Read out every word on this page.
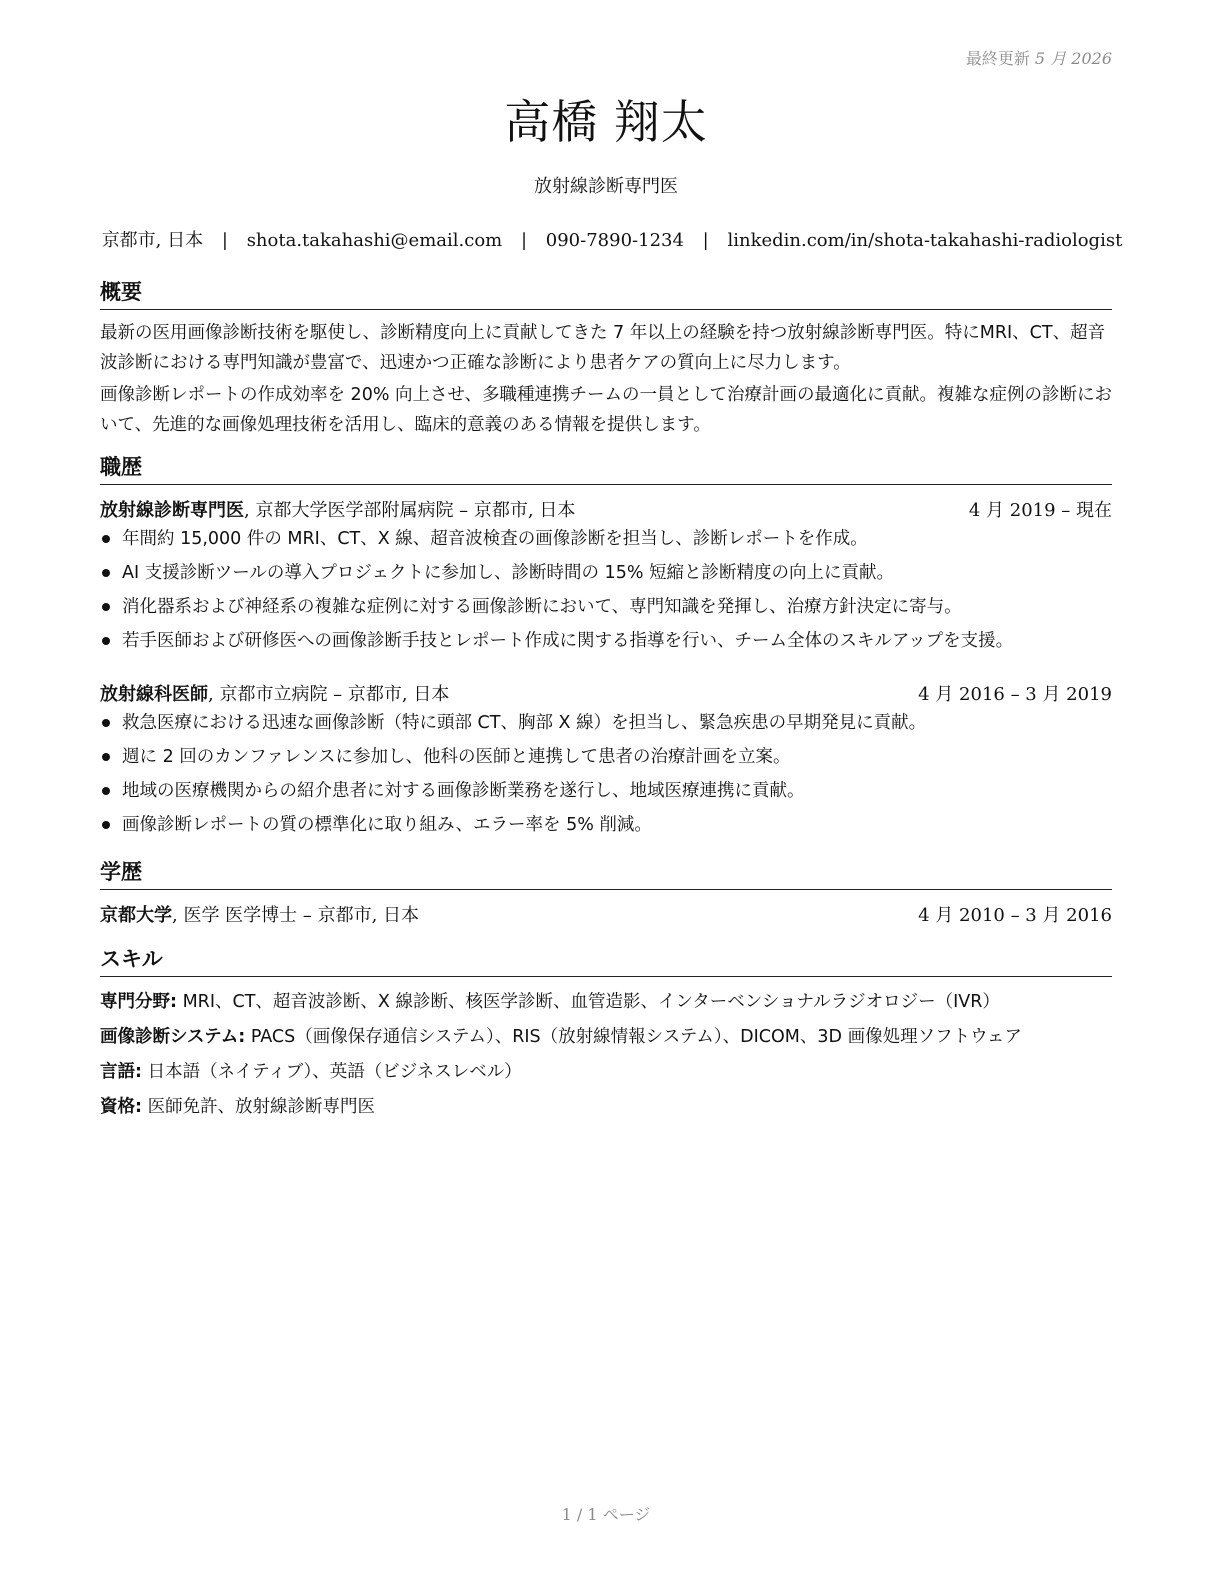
最終更新 5 月 2026
高橋 翔太
放射線診断専門医
京都市, 日本 | shota.takahashi@email.com | 090-7890-1234 | linkedin.com/in/shota-takahashi-radiologist
概要
最新の医用画像診断技術を駆使し、診断精度向上に貢献してきた 7 年以上の経験を持つ放射線診断専門医。特にMRI、CT、超音波診断における専門知識が豊富で、迅速かつ正確な診断により患者ケアの質向上に尽力します。
画像診断レポートの作成効率を 20% 向上させ、多職種連携チームの一員として治療計画の最適化に貢献。複雑な症例の診断において、先進的な画像処理技術を活用し、臨床的意義のある情報を提供します。
職歴
放射線診断専門医, 京都大学医学部附属病院 – 京都市, 日本	4 月 2019 – 現在
年間約 15,000 件の MRI、CT、X 線、超音波検査の画像診断を担当し、診断レポートを作成。
AI 支援診断ツールの導入プロジェクトに参加し、診断時間の 15% 短縮と診断精度の向上に貢献。
消化器系および神経系の複雑な症例に対する画像診断において、専門知識を発揮し、治療方針決定に寄与。
若手医師および研修医への画像診断手技とレポート作成に関する指導を行い、チーム全体のスキルアップを支援。
放射線科医師, 京都市立病院 – 京都市, 日本	4 月 2016 – 3 月 2019
救急医療における迅速な画像診断（特に頭部 CT、胸部 X 線）を担当し、緊急疾患の早期発見に貢献。
週に 2 回のカンファレンスに参加し、他科の医師と連携して患者の治療計画を立案。
地域の医療機関からの紹介患者に対する画像診断業務を遂行し、地域医療連携に貢献。
画像診断レポートの質の標準化に取り組み、エラー率を 5% 削減。
学歴
京都大学, 医学 医学博士 – 京都市, 日本	4 月 2010 – 3 月 2016
スキル
専門分野: MRI、CT、超音波診断、X 線診断、核医学診断、血管造影、インターベンショナルラジオロジー（IVR）
画像診断システム: PACS（画像保存通信システム）、RIS（放射線情報システム）、DICOM、3D 画像処理ソフトウェア
言語: 日本語（ネイティブ）、英語（ビジネスレベル）
資格: 医師免許、放射線診断専門医
1 / 1 ページ
